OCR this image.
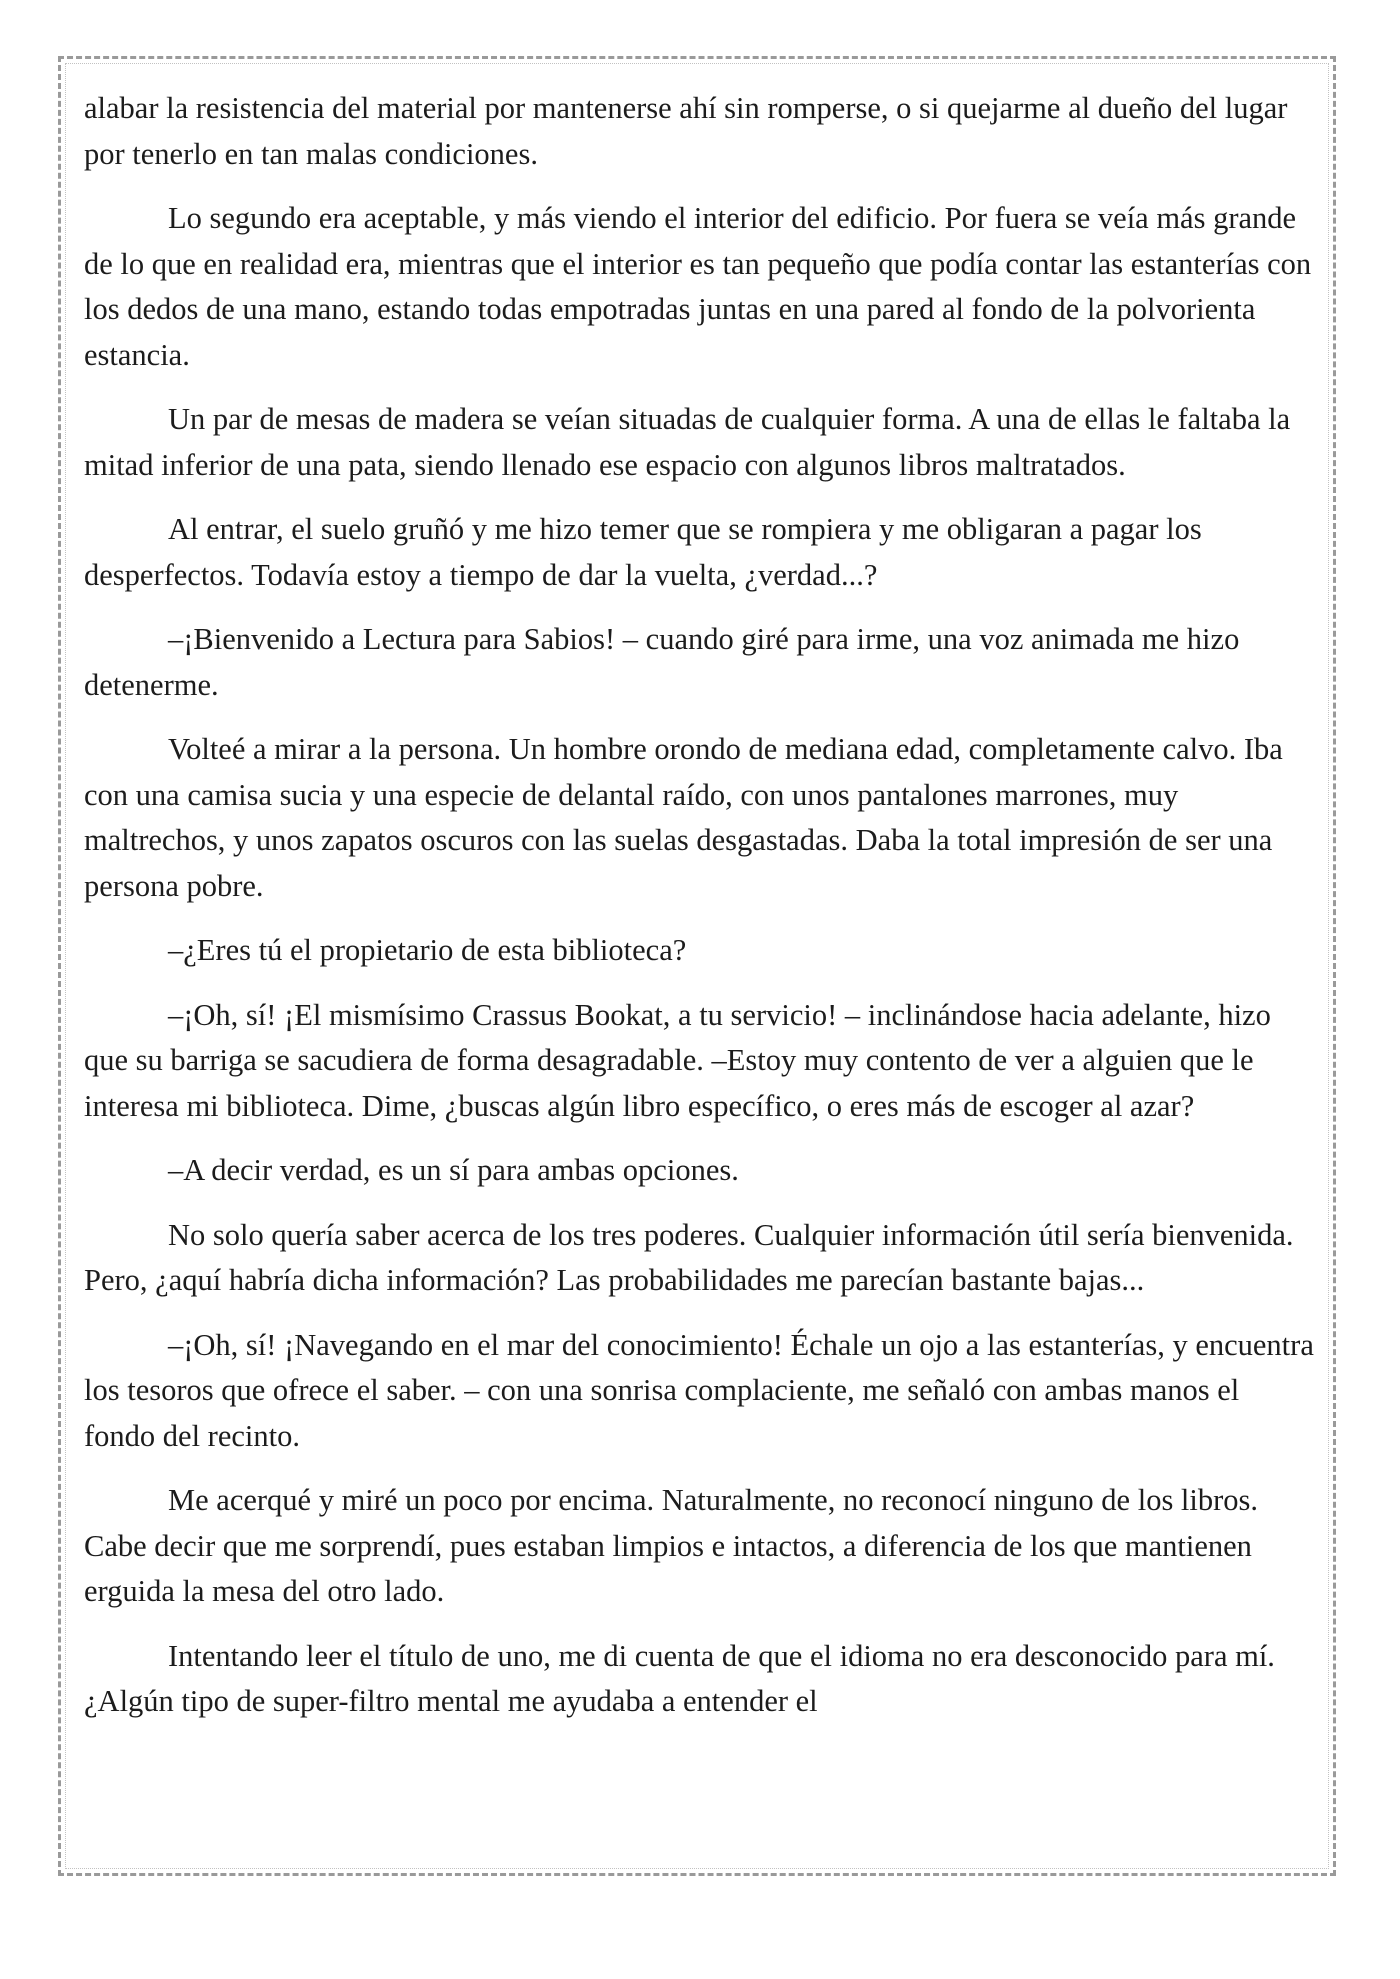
alabar la resistencia del material por mantenerse ahí sin romperse, o si quejarme al dueño del lugar por tenerlo en tan malas condiciones.

Lo segundo era aceptable, y más viendo el interior del edificio. Por fuera se veía más grande de lo que en realidad era, mientras que el interior es tan pequeño que podía contar las estanterías con los dedos de una mano, estando todas empotradas juntas en una pared al fondo de la polvorienta estancia.

Un par de mesas de madera se veían situadas de cualquier forma. A una de ellas le faltaba la mitad inferior de una pata, siendo llenado ese espacio con algunos libros maltratados.

Al entrar, el suelo gruñó y me hizo temer que se rompiera y me obligaran a pagar los desperfectos. Todavía estoy a tiempo de dar la vuelta, ¿verdad...?

–¡Bienvenido a Lectura para Sabios! – cuando giré para irme, una voz animada me hizo detenerme.

Volteé a mirar a la persona. Un hombre orondo de mediana edad, completamente calvo. Iba con una camisa sucia y una especie de delantal raído, con unos pantalones marrones, muy maltrechos, y unos zapatos oscuros con las suelas desgastadas. Daba la total impresión de ser una persona pobre.

–¿Eres tú el propietario de esta biblioteca?

–¡Oh, sí! ¡El mismísimo Crassus Bookat, a tu servicio! – inclinándose hacia adelante, hizo que su barriga se sacudiera de forma desagradable. –Estoy muy contento de ver a alguien que le interesa mi biblioteca. Dime, ¿buscas algún libro específico, o eres más de escoger al azar?

–A decir verdad, es un sí para ambas opciones.

No solo quería saber acerca de los tres poderes. Cualquier información útil sería bienvenida. Pero, ¿aquí habría dicha información? Las probabilidades me parecían bastante bajas...

–¡Oh, sí! ¡Navegando en el mar del conocimiento! Échale un ojo a las estanterías, y encuentra los tesoros que ofrece el saber. – con una sonrisa complaciente, me señaló con ambas manos el fondo del recinto.

Me acerqué y miré un poco por encima. Naturalmente, no reconocí ninguno de los libros. Cabe decir que me sorprendí, pues estaban limpios e intactos, a diferencia de los que mantienen erguida la mesa del otro lado.

Intentando leer el título de uno, me di cuenta de que el idioma no era desconocido para mí. ¿Algún tipo de super-filtro mental me ayudaba a entender el
